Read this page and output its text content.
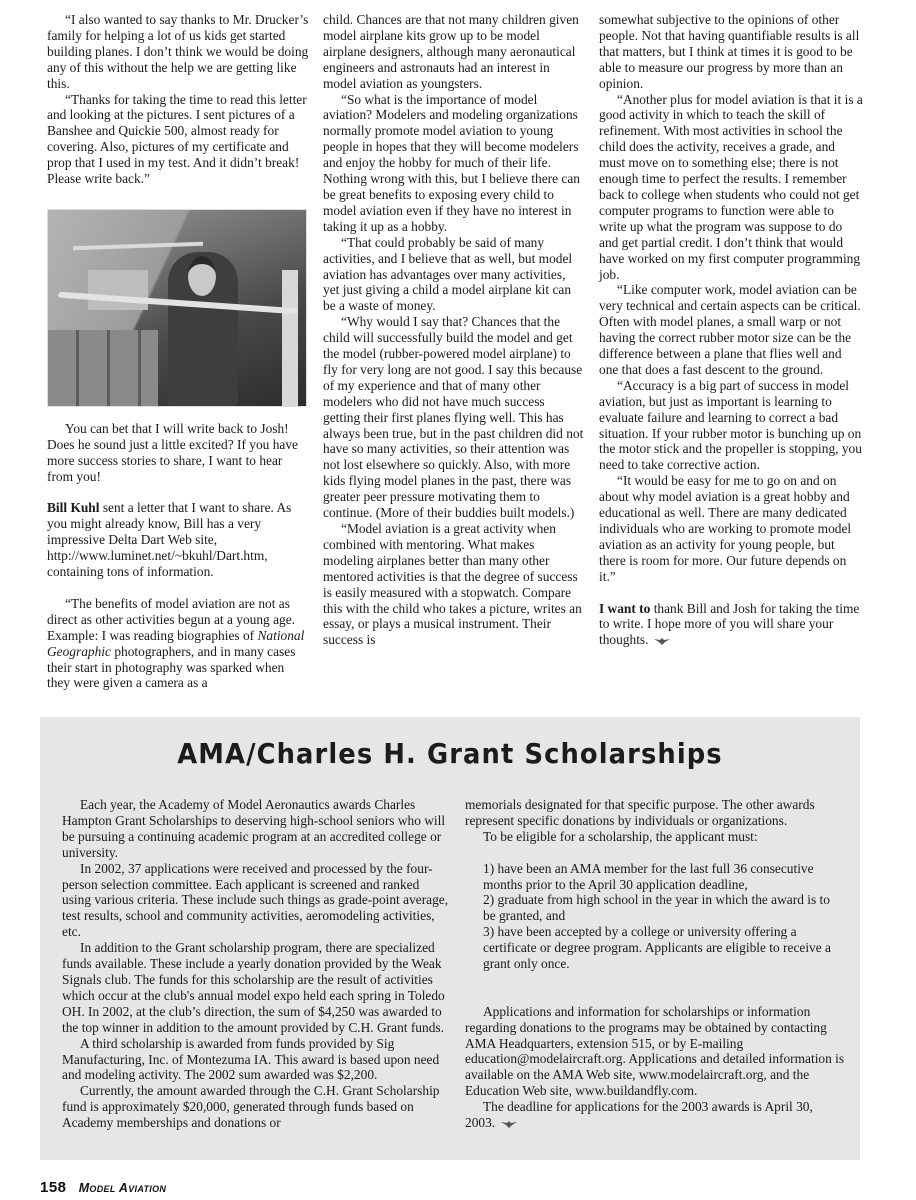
“I also wanted to say thanks to Mr. Drucker’s family for helping a lot of us kids get started building planes. I don’t think we would be doing any of this without the help we are getting like this.

“Thanks for taking the time to read this letter and looking at the pictures. I sent pictures of a Banshee and Quickie 500, almost ready for covering. Also, pictures of my certificate and prop that I used in my test. And it didn’t break! Please write back.”

You can bet that I will write back to Josh! Does he sound just a little excited? If you have more success stories to share, I want to hear from you!

Bill Kuhl sent a letter that I want to share. As you might already know, Bill has a very impressive Delta Dart Web site, http://www.luminet.net/~bkuhl/Dart.htm, containing tons of information.

“The benefits of model aviation are not as direct as other activities begun at a young age. Example: I was reading biographies of National Geographic photographers, and in many cases their start in photography was sparked when they were given a camera as a

child. Chances are that not many children given model airplane kits grow up to be model airplane designers, although many aeronautical engineers and astronauts had an interest in model aviation as youngsters.

“So what is the importance of model aviation? Modelers and modeling organizations normally promote model aviation to young people in hopes that they will become modelers and enjoy the hobby for much of their life. Nothing wrong with this, but I believe there can be great benefits to exposing every child to model aviation even if they have no interest in taking it up as a hobby.

“That could probably be said of many activities, and I believe that as well, but model aviation has advantages over many activities, yet just giving a child a model airplane kit can be a waste of money.

“Why would I say that? Chances that the child will successfully build the model and get the model (rubber-powered model airplane) to fly for very long are not good. I say this because of my experience and that of many other modelers who did not have much success getting their first planes flying well. This has always been true, but in the past children did not have so many activities, so their attention was not lost elsewhere so quickly. Also, with more kids flying model planes in the past, there was greater peer pressure motivating them to continue. (More of their buddies built models.)

“Model aviation is a great activity when combined with mentoring. What makes modeling airplanes better than many other mentored activities is that the degree of success is easily measured with a stopwatch. Compare this with the child who takes a picture, writes an essay, or plays a musical instrument. Their success is

somewhat subjective to the opinions of other people. Not that having quantifiable results is all that matters, but I think at times it is good to be able to measure our progress by more than an opinion.

“Another plus for model aviation is that it is a good activity in which to teach the skill of refinement. With most activities in school the child does the activity, receives a grade, and must move on to something else; there is not enough time to perfect the results. I remember back to college when students who could not get computer programs to function were able to write up what the program was suppose to do and get partial credit. I don’t think that would have worked on my first computer programming job.

“Like computer work, model aviation can be very technical and certain aspects can be critical. Often with model planes, a small warp or not having the correct rubber motor size can be the difference between a plane that flies well and one that does a fast descent to the ground.

“Accuracy is a big part of success in model aviation, but just as important is learning to evaluate failure and learning to correct a bad situation. If your rubber motor is bunching up on the motor stick and the propeller is stopping, you need to take corrective action.

“It would be easy for me to go on and on about why model aviation is a great hobby and educational as well. There are many dedicated individuals who are working to promote model aviation as an activity for young people, but there is room for more. Our future depends on it.”

I want to thank Bill and Josh for taking the time to write. I hope more of you will share your thoughts.

AMA/Charles H. Grant Scholarships

Each year, the Academy of Model Aeronautics awards Charles Hampton Grant Scholarships to deserving high-school seniors who will be pursuing a continuing academic program at an accredited college or university.

In 2002, 37 applications were received and processed by the four-person selection committee. Each applicant is screened and ranked using various criteria. These include such things as grade-point average, test results, school and community activities, aeromodeling activities, etc.

In addition to the Grant scholarship program, there are specialized funds available. These include a yearly donation provided by the Weak Signals club. The funds for this scholarship are the result of activities which occur at the club's annual model expo held each spring in Toledo OH. In 2002, at the club’s direction, the sum of $4,250 was awarded to the top winner in addition to the amount provided by C.H. Grant funds.

A third scholarship is awarded from funds provided by Sig Manufacturing, Inc. of Montezuma IA. This award is based upon need and modeling activity. The 2002 sum awarded was $2,200.

Currently, the amount awarded through the C.H. Grant Scholarship fund is approximately $20,000, generated through funds based on Academy memberships and donations or

memorials designated for that specific purpose. The other awards represent specific donations by individuals or organizations.

To be eligible for a scholarship, the applicant must:

1) have been an AMA member for the last full 36 consecutive months prior to the April 30 application deadline,

2) graduate from high school in the year in which the award is to be granted, and

3) have been accepted by a college or university offering a certificate or degree program. Applicants are eligible to receive a grant only once.

Applications and information for scholarships or information regarding donations to the programs may be obtained by contacting AMA Headquarters, extension 515, or by E-mailing education@modelaircraft.org. Applications and detailed information is available on the AMA Web site, www.modelaircraft.org, and the Education Web site, www.buildandfly.com.

The deadline for applications for the 2003 awards is April 30, 2003.

158 Model Aviation
